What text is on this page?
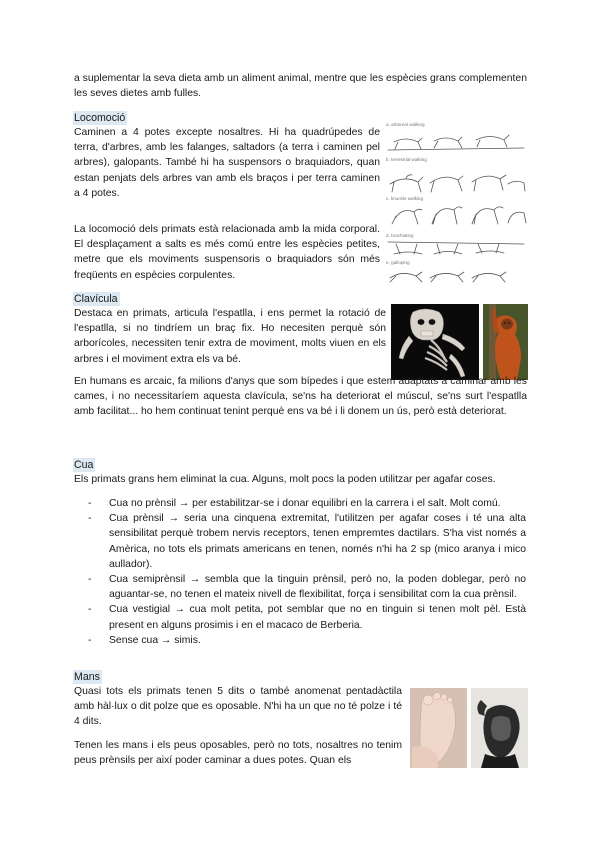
a suplementar la seva dieta amb un aliment animal, mentre que les espècies grans complementen les seves dietes amb fulles.

Locomoció

Caminen a 4 potes excepte nosaltres. Hi ha quadrúpedes de terra, d'arbres, amb les falanges, saltadors (a terra i caminen pel arbres), galopants. També hi ha suspensors o braquiadors, quan estan penjats dels arbres van amb els braços i per terra caminen a 4 potes.

La locomoció dels primats està relacionada amb la mida corporal. El desplaçament a salts es més comú entre les espècies petites, metre que els moviments suspensoris o braquiadors són més freqüents en espècies corpulentes.

a. arboreal walking
b. terrestrial walking
c. knuckle walking
d. brachiating
e. galloping
Clavícula

Destaca en primats, articula l'espatlla, i ens permet la rotació de l'espatlla, si no tindríem un braç fix. Ho necesiten perquè són arborícoles, necessiten tenir extra de moviment, molts viuen en els arbres i el moviment extra els va bé.

En humans es arcaic, fa milions d'anys que som bípedes i que estem adaptats a caminar amb les cames, i no necessitaríem aquesta clavícula, se'ns ha deteriorat el múscul, se'ns surt l'espatlla amb facilitat... ho hem continuat tenint perquè ens va bé i li donem un ús, però està deteriorat.

Cua

Els primats grans hem eliminat la cua. Alguns, molt pocs la poden utilitzar per agafar coses.

- Cua no prènsil → per estabilitzar-se i donar equilibri en la carrera i el salt. Molt comú.
- Cua prènsil → seria una cinquena extremitat, l'utilitzen per agafar coses i té una alta sensibilitat perquè trobem nervis receptors, tenen empremtes dactilars. S'ha vist només a Amèrica, no tots els primats americans en tenen, només n'hi ha 2 sp (mico aranya i mico aullador).
- Cua semiprènsil → sembla que la tinguin prènsil, però no, la poden doblegar, però no aguantar-se, no tenen el mateix nivell de flexibilitat, força i sensibilitat com la cua prènsil.
- Cua vestigial → cua molt petita, pot semblar que no en tinguin si tenen molt pèl. Està present en alguns prosimis i en el macaco de Berberia.
- Sense cua → simis.
Mans

Quasi tots els primats tenen 5 dits o també anomenat pentadàctila amb hàl·lux o dit polze que es oposable. N'hi ha un que no té polze i té 4 dits.

Tenen les mans i els peus oposables, però no tots, nosaltres no tenim peus prènsils per així poder caminar a dues potes. Quan els
